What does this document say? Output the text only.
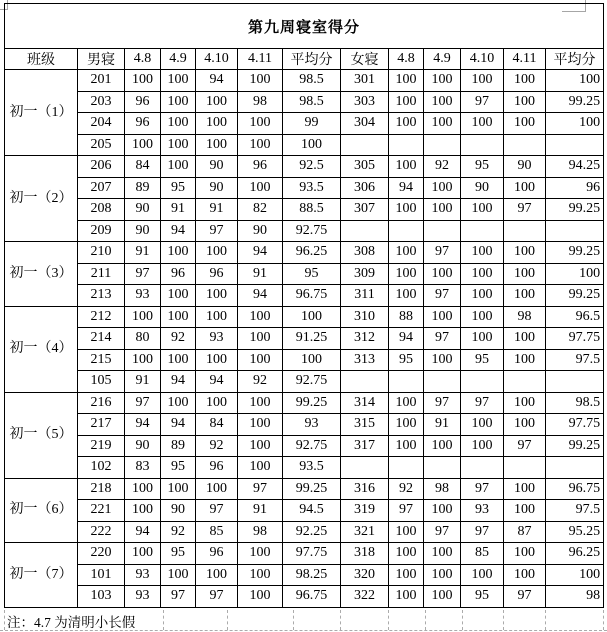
第九周寝室得分												
班级	男寝	4.8	4.9	4.10	4.11	平均分	女寝	4.8	4.9	4.10	4.11	平均分
初一（1）	201	100	100	94	100	98.5	301	100	100	100	100	100
	203	96	100	100	98	98.5	303	100	100	97	100	99.25
	204	96	100	100	100	99	304	100	100	100	100	100
	205	100	100	100	100	100						
初一（2）	206	84	100	90	96	92.5	305	100	92	95	90	94.25
	207	89	95	90	100	93.5	306	94	100	90	100	96
	208	90	91	91	82	88.5	307	100	100	100	97	99.25
	209	90	94	97	90	92.75						
初一（3）	210	91	100	100	94	96.25	308	100	97	100	100	99.25
	211	97	96	96	91	95	309	100	100	100	100	100
	213	93	100	100	94	96.75	311	100	97	100	100	99.25
初一（4）	212	100	100	100	100	100	310	88	100	100	98	96.5
	214	80	92	93	100	91.25	312	94	97	100	100	97.75
	215	100	100	100	100	100	313	95	100	95	100	97.5
	105	91	94	94	92	92.75						
初一（5）	216	97	100	100	100	99.25	314	100	97	97	100	98.5
	217	94	94	84	100	93	315	100	91	100	100	97.75
	219	90	89	92	100	92.75	317	100	100	100	97	99.25
	102	83	95	96	100	93.5						
初一（6）	218	100	100	100	97	99.25	316	92	98	97	100	96.75
	221	100	90	97	91	94.5	319	97	100	93	100	97.5
	222	94	92	85	98	92.25	321	100	97	97	87	95.25
初一（7）	220	100	95	96	100	97.75	318	100	100	85	100	96.25
	101	93	100	100	100	98.25	320	100	100	100	100	100
	103	93	97	97	100	96.75	322	100	100	95	97	98
注：4.7 为清明小长假
